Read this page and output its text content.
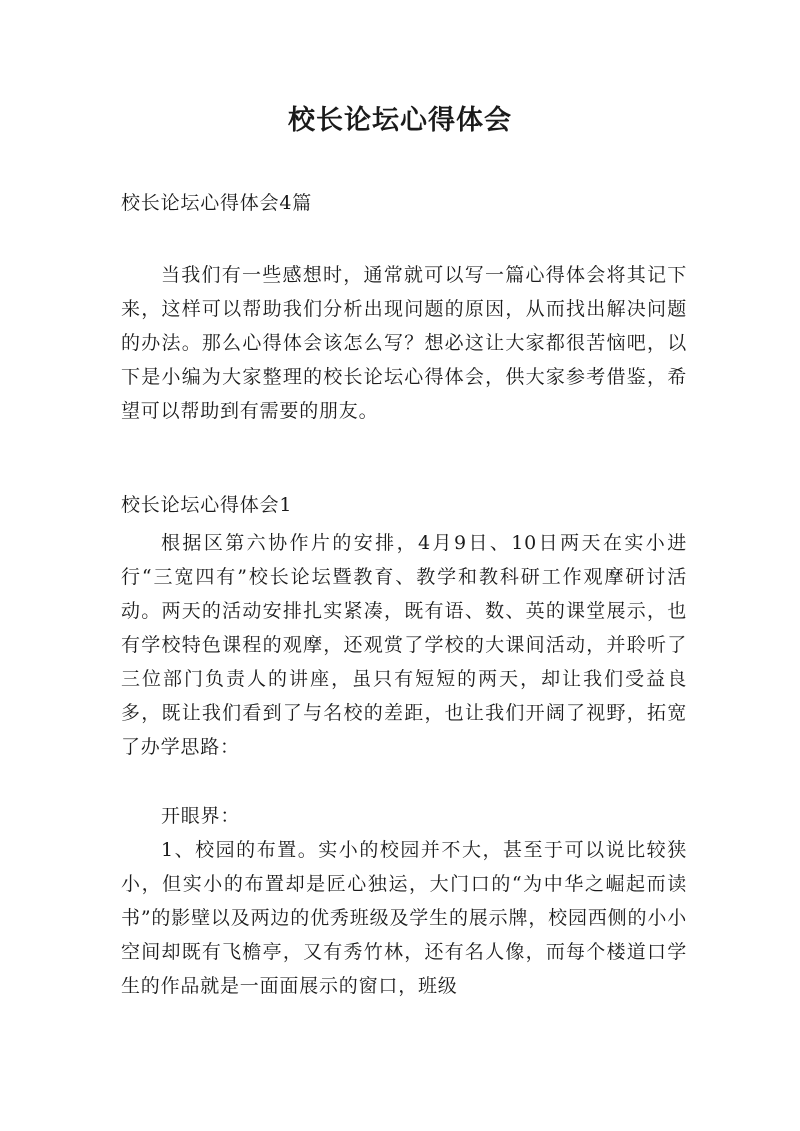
校长论坛心得体会

校长论坛心得体会4篇

当我们有一些感想时，通常就可以写一篇心得体会将其记下来，这样可以帮助我们分析出现问题的原因，从而找出解决问题的办法。那么心得体会该怎么写？想必这让大家都很苦恼吧，以下是小编为大家整理的校长论坛心得体会，供大家参考借鉴，希望可以帮助到有需要的朋友。

校长论坛心得体会1

根据区第六协作片的安排，4月9日、10日两天在实小进行“三宽四有”校长论坛暨教育、教学和教科研工作观摩研讨活动。两天的活动安排扎实紧凑，既有语、数、英的课堂展示，也有学校特色课程的观摩，还观赏了学校的大课间活动，并聆听了三位部门负责人的讲座，虽只有短短的两天，却让我们受益良多，既让我们看到了与名校的差距，也让我们开阔了视野，拓宽了办学思路：

开眼界：

1、校园的布置。实小的校园并不大，甚至于可以说比较狭小，但实小的布置却是匠心独运，大门口的“为中华之崛起而读书”的影壁以及两边的优秀班级及学生的展示牌，校园西侧的小小空间却既有飞檐亭，又有秀竹林，还有名人像，而每个楼道口学生的作品就是一面面展示的窗口，班级
